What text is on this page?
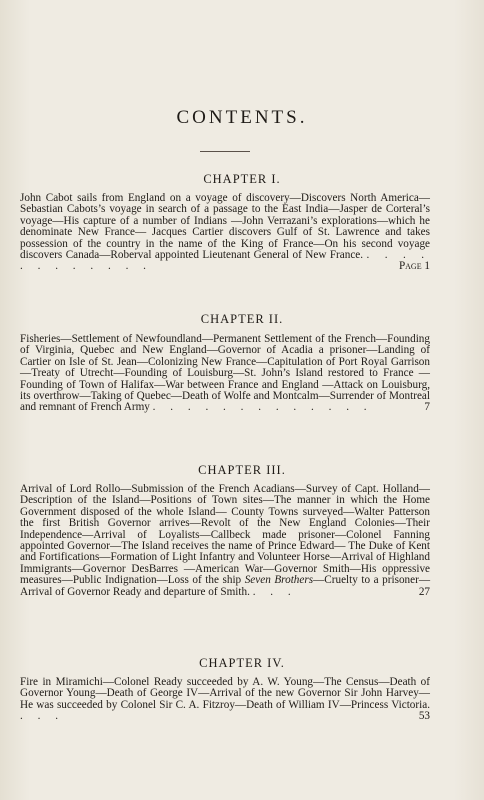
CONTENTS.
CHAPTER I.

John Cabot sails from England on a voyage of discovery—Discovers North America—Sebastian Cabots’s voyage in search of a passage to the East India—Jasper de Corteral’s voyage—His capture of a number of Indians —John Verrazani’s explorations—which he denominate New France— Jacques Cartier discovers Gulf of St. Lawrence and takes possession of the country in the name of the King of France—On his second voyage discovers Canada—Roberval appointed Lieutenant General of New France. . . . . . . . . . . . .	Page 1

CHAPTER II.

Fisheries—Settlement of Newfoundland—Permanent Settlement of the French—Founding of Virginia, Quebec and New England—Governor of Acadia a prisoner—Landing of Cartier on Isle of St. Jean—Colonizing New France—Capitulation of Port Royal Garrison—Treaty of Utrecht—Founding of Louisburg—St. John’s Island restored to France —Founding of Town of Halifax—War between France and England —Attack on Louisburg, its overthrow—Taking of Quebec—Death of Wolfe and Montcalm—Surrender of Montreal and remnant of French Army . . . . . . . . . . . . .	7

CHAPTER III.

Arrival of Lord Rollo—Submission of the French Acadians—Survey of Capt. Holland—Description of the Island—Positions of Town sites—The manner in which the Home Government disposed of the whole Island— County Towns surveyed—Walter Patterson the first British Governor arrives—Revolt of the New England Colonies—Their Independence—Arrival of Loyalists—Callbeck made prisoner—Colonel Fanning appointed Governor—The Island receives the name of Prince Edward— The Duke of Kent and Fortifications—Formation of Light Infantry and Volunteer Horse—Arrival of Highland Immigrants—Governor DesBarres —American War—Governor Smith—His oppressive measures—Public Indignation—Loss of the ship Seven Brothers—Cruelty to a prisoner— Arrival of Governor Ready and departure of Smith. . . .	27

CHAPTER IV.

Fire in Miramichi—Colonel Ready succeeded by A. W. Young—The Census—Death of Governor Young—Death of George IV—Arrival of the new Governor Sir John Harvey—He was succeeded by Colonel Sir C. A. Fitzroy—Death of William IV—Princess Victoria. . . .	53
